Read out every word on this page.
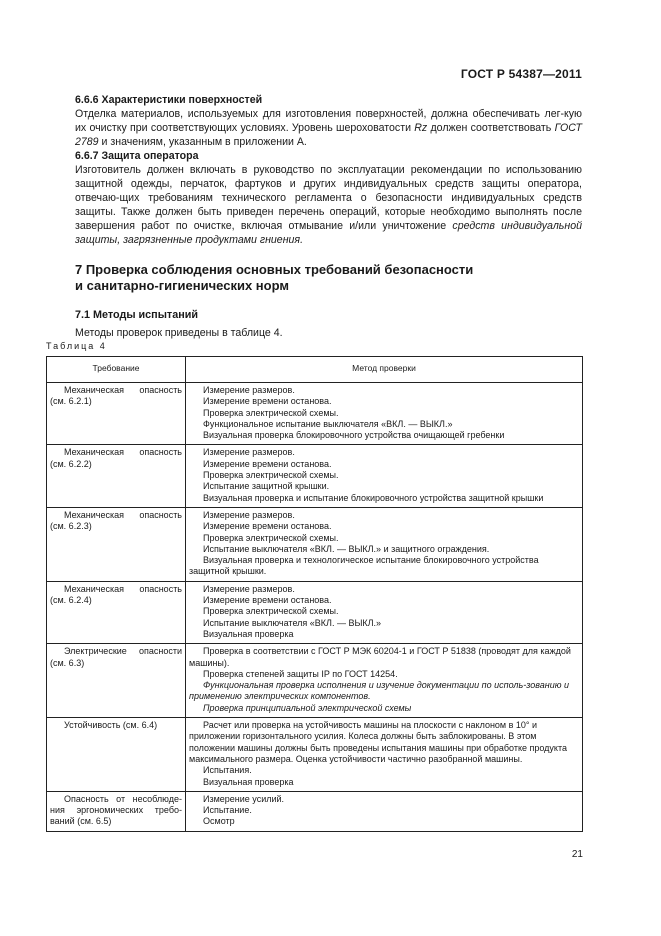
ГОСТ Р 54387—2011
6.6.6 Характеристики поверхностей

Отделка материалов, используемых для изготовления поверхностей, должна обеспечивать лег-кую их очистку при соответствующих условиях. Уровень шероховатости Rz должен соответствовать ГОСТ 2789 и значениям, указанным в приложении А.

6.6.7 Защита оператора

Изготовитель должен включать в руководство по эксплуатации рекомендации по использованию защитной одежды, перчаток, фартуков и других индивидуальных средств защиты оператора, отвечаю-щих требованиям технического регламента о безопасности индивидуальных средств защиты. Также должен быть приведен перечень операций, которые необходимо выполнять после завершения работ по очистке, включая отмывание и/или уничтожение средств индивидуальной защиты, загрязненные продуктами гниения.

7 Проверка соблюдения основных требований безопасности
и санитарно-гигиенических норм
7.1 Методы испытаний
Методы проверок приведены в таблице 4.
Таблица 4
Требование	Метод проверки

Механическая опасность (см. 6.2.1)	Измерение размеров.
Измерение времени останова.
Проверка электрической схемы.
Функциональное испытание выключателя «ВКЛ. — ВЫКЛ.»
Визуальная проверка блокировочного устройства очищающей гребенки

Механическая опасность (см. 6.2.2)	Измерение размеров.
Измерение времени останова.
Проверка электрической схемы.
Испытание защитной крышки.
Визуальная проверка и испытание блокировочного устройства защитной крышки

Механическая опасность (см. 6.2.3)	Измерение размеров.
Измерение времени останова.
Проверка электрической схемы.
Испытание выключателя «ВКЛ. — ВЫКЛ.» и защитного ограждения.
Визуальная проверка и технологическое испытание блокировочного устройства защитной крышки.

Механическая опасность (см. 6.2.4)	Измерение размеров.
Измерение времени останова.
Проверка электрической схемы.
Испытание выключателя «ВКЛ. — ВЫКЛ.»
Визуальная проверка

Электрические опасности (см. 6.3)	Проверка в соответствии с ГОСТ Р МЭК 60204-1 и ГОСТ Р 51838 (проводят для каждой машины).
Проверка степеней защиты IP по ГОСТ 14254.
Функциональная проверка исполнения и изучение документации по исполь-зованию и применению электрических компонентов.
Проверка принципиальной электрической схемы

Устойчивость (см. 6.4)	Расчет или проверка на устойчивость машины на плоскости с наклоном в 10° и приложении горизонтального усилия. Колеса должны быть заблокированы. В этом положении машины должны быть проведены испытания машины при обработке продукта максимального размера. Оценка устойчивости частично разобранной машины.
Испытания.
Визуальная проверка

Опасность от несоблюде-ния эргономических требо-ваний (см. 6.5)	Измерение усилий.
Испытание.
Осмотр
21
